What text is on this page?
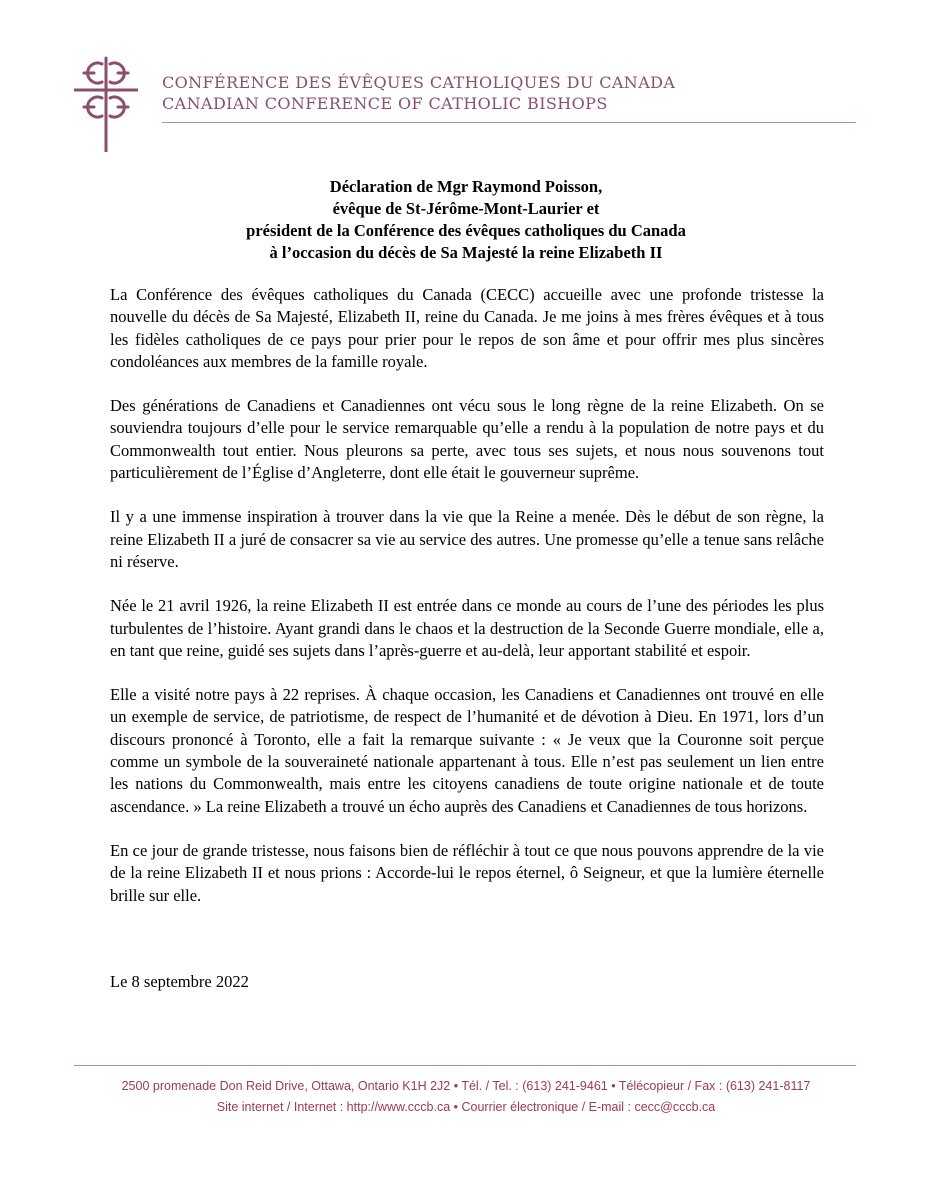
CONFÉRENCE DES ÉVÊQUES CATHOLIQUES DU CANADA
CANADIAN CONFERENCE OF CATHOLIC BISHOPS
Déclaration de Mgr Raymond Poisson,
évêque de St-Jérôme-Mont-Laurier et
président de la Conférence des évêques catholiques du Canada
à l’occasion du décès de Sa Majesté la reine Elizabeth II

La Conférence des évêques catholiques du Canada (CECC) accueille avec une profonde tristesse la nouvelle du décès de Sa Majesté, Elizabeth II, reine du Canada. Je me joins à mes frères évêques et à tous les fidèles catholiques de ce pays pour prier pour le repos de son âme et pour offrir mes plus sincères condoléances aux membres de la famille royale.

Des générations de Canadiens et Canadiennes ont vécu sous le long règne de la reine Elizabeth. On se souviendra toujours d’elle pour le service remarquable qu’elle a rendu à la population de notre pays et du Commonwealth tout entier. Nous pleurons sa perte, avec tous ses sujets, et nous nous souvenons tout particulièrement de l’Église d’Angleterre, dont elle était le gouverneur suprême.

Il y a une immense inspiration à trouver dans la vie que la Reine a menée. Dès le début de son règne, la reine Elizabeth II a juré de consacrer sa vie au service des autres. Une promesse qu’elle a tenue sans relâche ni réserve.

Née le 21 avril 1926, la reine Elizabeth II est entrée dans ce monde au cours de l’une des périodes les plus turbulentes de l’histoire. Ayant grandi dans le chaos et la destruction de la Seconde Guerre mondiale, elle a, en tant que reine, guidé ses sujets dans l’après-guerre et au-delà, leur apportant stabilité et espoir.

Elle a visité notre pays à 22 reprises. À chaque occasion, les Canadiens et Canadiennes ont trouvé en elle un exemple de service, de patriotisme, de respect de l’humanité et de dévotion à Dieu. En 1971, lors d’un discours prononcé à Toronto, elle a fait la remarque suivante : « Je veux que la Couronne soit perçue comme un symbole de la souveraineté nationale appartenant à tous. Elle n’est pas seulement un lien entre les nations du Commonwealth, mais entre les citoyens canadiens de toute origine nationale et de toute ascendance. » La reine Elizabeth a trouvé un écho auprès des Canadiens et Canadiennes de tous horizons.

En ce jour de grande tristesse, nous faisons bien de réfléchir à tout ce que nous pouvons apprendre de la vie de la reine Elizabeth II et nous prions : Accorde-lui le repos éternel, ô Seigneur, et que la lumière éternelle brille sur elle.

Le 8 septembre 2022
2500 promenade Don Reid Drive, Ottawa, Ontario K1H 2J2 • Tél. / Tel. : (613) 241-9461 • Télécopieur / Fax : (613) 241-8117
Site internet / Internet : http://www.cccb.ca • Courrier électronique / E-mail : cecc@cccb.ca
